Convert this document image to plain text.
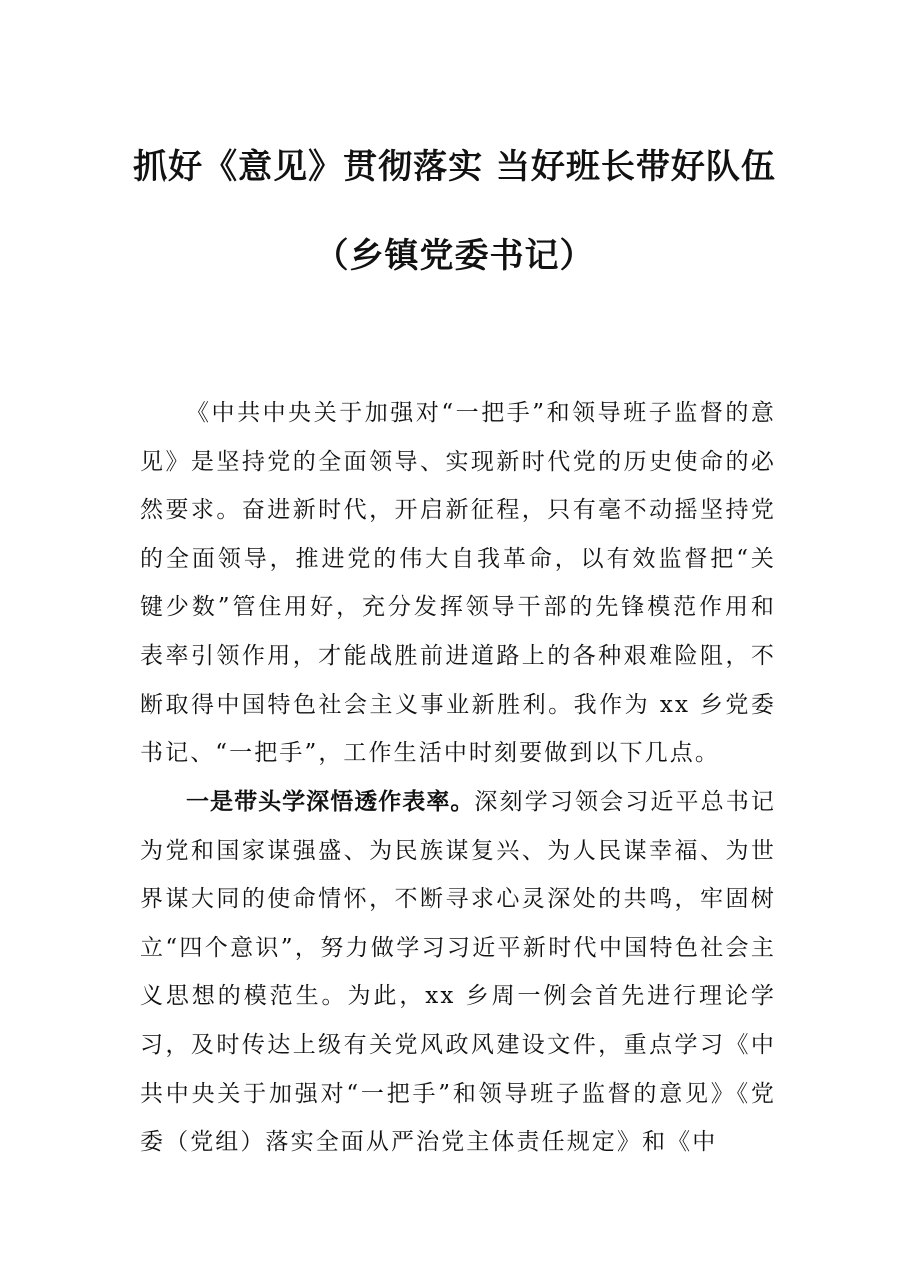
抓好《意见》贯彻落实 当好班长带好队伍
（乡镇党委书记）

《中共中央关于加强对“一把手”和领导班子监督的意见》是坚持党的全面领导、实现新时代党的历史使命的必然要求。奋进新时代，开启新征程，只有毫不动摇坚持党的全面领导，推进党的伟大自我革命，以有效监督把“关键少数”管住用好，充分发挥领导干部的先锋模范作用和表率引领作用，才能战胜前进道路上的各种艰难险阻，不断取得中国特色社会主义事业新胜利。我作为 xx 乡党委书记、“一把手”，工作生活中时刻要做到以下几点。

一是带头学深悟透作表率。深刻学习领会习近平总书记为党和国家谋强盛、为民族谋复兴、为人民谋幸福、为世界谋大同的使命情怀，不断寻求心灵深处的共鸣，牢固树立“四个意识”，努力做学习习近平新时代中国特色社会主义思想的模范生。为此，xx 乡周一例会首先进行理论学习，及时传达上级有关党风政风建设文件，重点学习《中共中央关于加强对“一把手”和领导班子监督的意见》《党委（党组）落实全面从严治党主体责任规定》和《中
